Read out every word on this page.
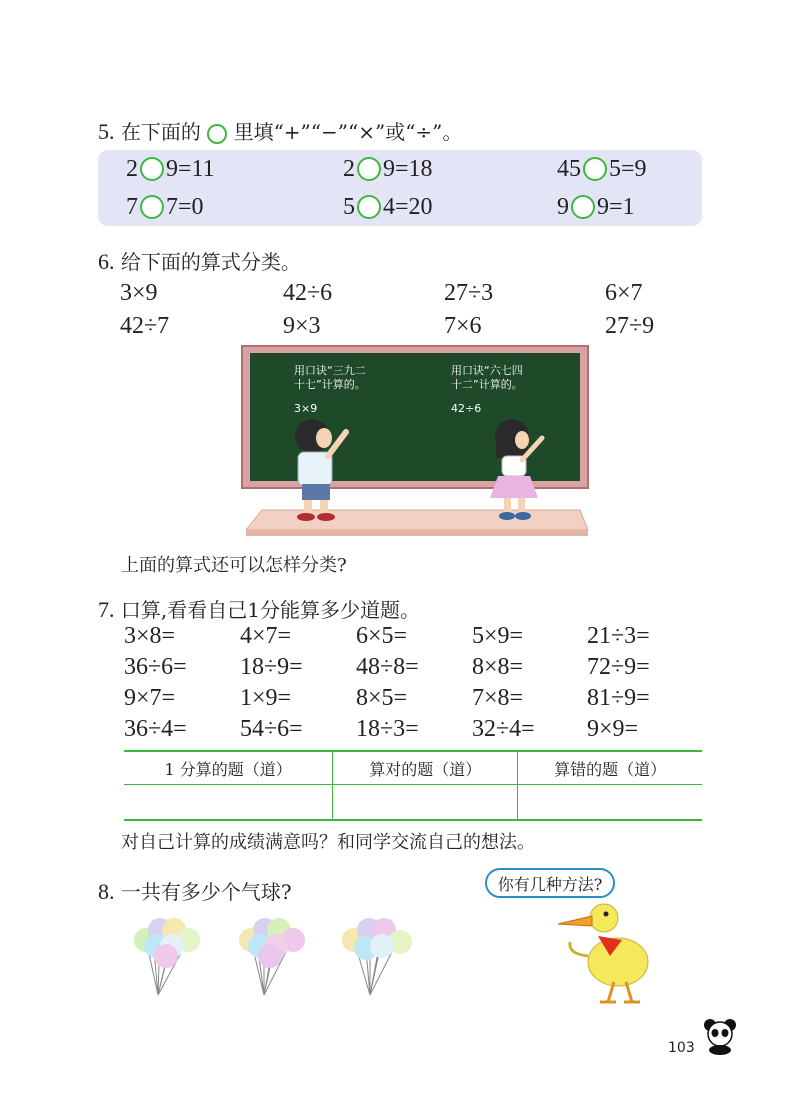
5. 在下面的 里填“+”“−”“×”或“÷”。
2 9=11	2 9=18	45 5=9
7 7=0	5 4=20	9 9=1
6. 给下面的算式分类。
3×9	42÷6	27÷3	6×7
42÷7	9×3	7×6	27÷9
用口诀“三九二
十七”计算的。
3×9
用口诀“六七四
十二”计算的。
42÷6
上面的算式还可以怎样分类?
7. 口算,看看自己1分能算多少道题。
3×8=	4×7=	6×5=	5×9=	21÷3=
36÷6= 18÷9= 48÷8= 8×8=	72÷9=
9×7=	1×9=	8×5=	7×8=	81÷9=
36÷4= 54÷6= 18÷3= 32÷4= 9×9=
1 分算的题（道）	算对的题（道）	算错的题（道）

对自己计算的成绩满意吗？和同学交流自己的想法。
8. 一共有多少个气球?	你有几种方法?
103
